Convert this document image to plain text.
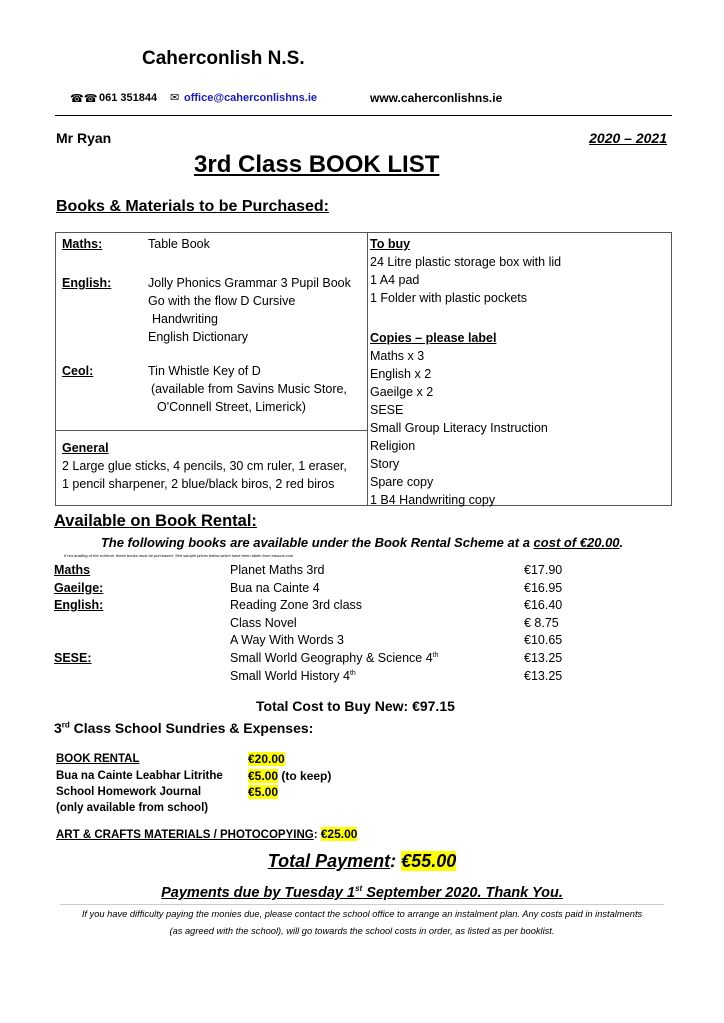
Caherconlish N.S.
☎☎ 061 351844 ✉ office@caherconlishns.ie	www.caherconlishns.ie
Mr Ryan	2020 – 2021
3rd Class BOOK LIST
Books & Materials to be Purchased:
Maths:	Table Book
English:	Jolly Phonics Grammar 3 Pupil Book
Go with the flow D Cursive
Handwriting
English Dictionary
Ceol:	Tin Whistle Key of D
(available from Savins Music Store,
O'Connell Street, Limerick)
General
2 Large glue sticks, 4 pencils, 30 cm ruler, 1 eraser,
1 pencil sharpener, 2 blue/black biros, 2 red biros
To buy
24 Litre plastic storage box with lid
1 A4 pad
1 Folder with plastic pockets
Copies – please label
Maths x 3
English x 2
Gaeilge x 2
SESE
Small Group Literacy Instruction
Religion
Story
Spare copy
1 B4 Handwriting copy
Available on Book Rental:
The following books are available under the Book Rental Scheme at a cost of €20.00.
If not availing of the scheme, these books must be purchased. See sample prices below which have been taken from easons.com
Maths	Planet Maths 3rd	€17.90
Gaeilge:	Bua na Cainte 4	€16.95
English:	Reading Zone 3rd class	€16.40
Class Novel	€ 8.75
A Way With Words 3	€10.65
SESE:	Small World Geography & Science 4th	€13.25
Small World History 4th	€13.25
Total Cost to Buy New: €97.15
3rd Class School Sundries & Expenses:
BOOK RENTAL	€20.00
Bua na Cainte Leabhar Litrithe €5.00 (to keep)
School Homework Journal	€5.00
(only available from school)
ART & CRAFTS MATERIALS / PHOTOCOPYING: €25.00
Total Payment: €55.00
Payments due by Tuesday 1st September 2020. Thank You.
If you have difficulty paying the monies due, please contact the school office to arrange an instalment plan. Any costs paid in instalments
(as agreed with the school), will go towards the school costs in order, as listed as per booklist.
